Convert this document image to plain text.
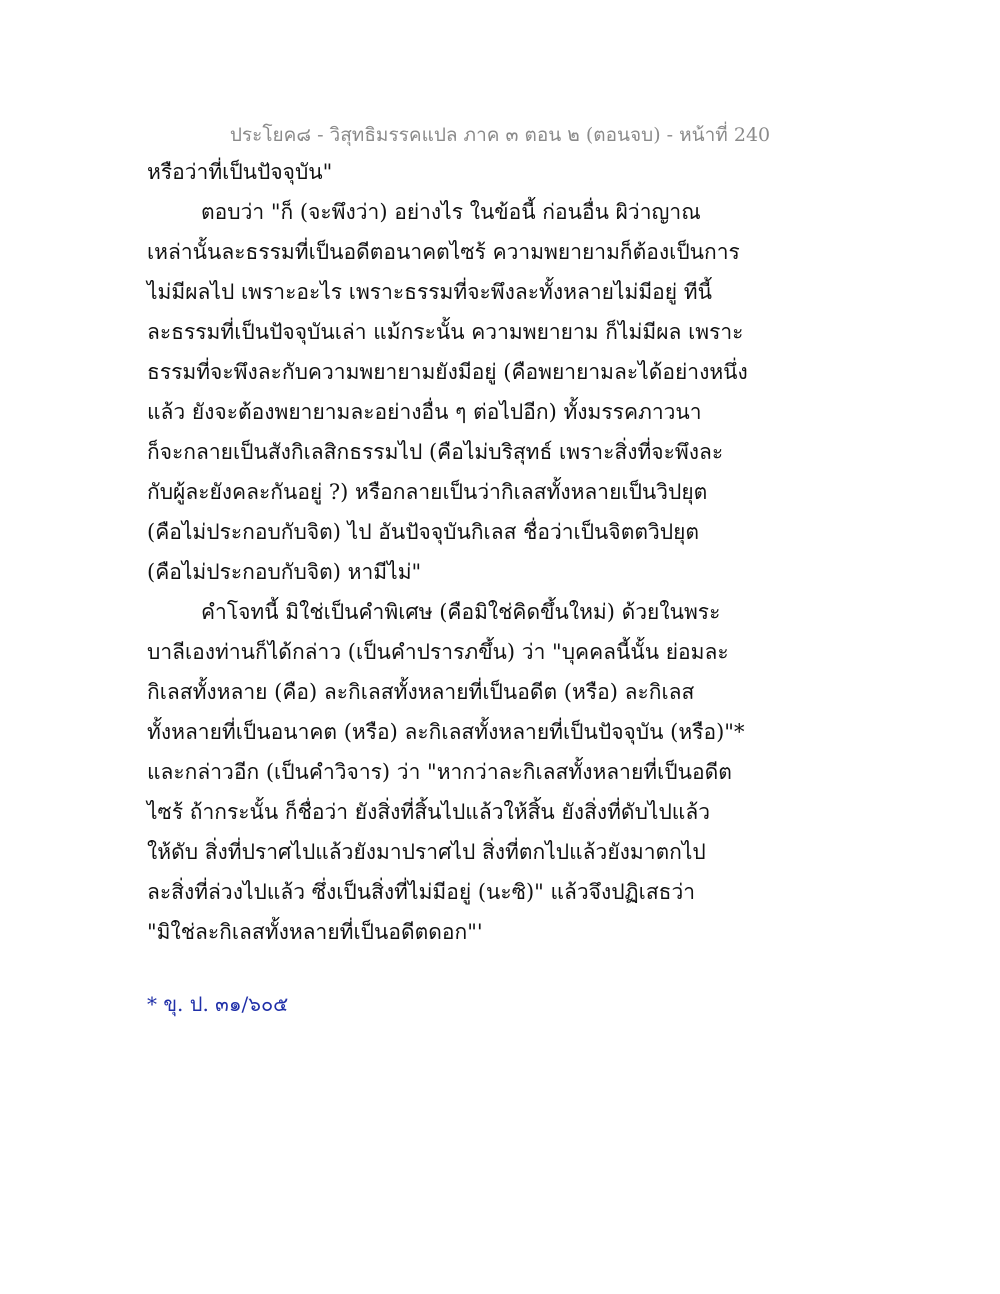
ประโยค๘ - วิสุทธิมรรคแปล ภาค ๓ ตอน ๒ (ตอนจบ) - หน้าที่ 240
หรือว่าที่เป็นปัจจุบัน"
ตอบว่า "ก็ (จะพึงว่า) อย่างไร ในข้อนี้ ก่อนอื่น ผิว่าญาณ
เหล่านั้นละธรรมที่เป็นอดีตอนาคตไซร้ ความพยายามก็ต้องเป็นการ
ไม่มีผลไป เพราะอะไร เพราะธรรมที่จะพึงละทั้งหลายไม่มีอยู่ ทีนี้
ละธรรมที่เป็นปัจจุบันเล่า แม้กระนั้น ความพยายาม ก็ไม่มีผล เพราะ
ธรรมที่จะพึงละกับความพยายามยังมีอยู่ (คือพยายามละได้อย่างหนึ่ง
แล้ว ยังจะต้องพยายามละอย่างอื่น ๆ ต่อไปอีก) ทั้งมรรคภาวนา
ก็จะกลายเป็นสังกิเลสิกธรรมไป (คือไม่บริสุทธ์ เพราะสิ่งที่จะพึงละ
กับผู้ละยังคละกันอยู่ ?) หรือกลายเป็นว่ากิเลสทั้งหลายเป็นวิปยุต
(คือไม่ประกอบกับจิต) ไป อันปัจจุบันกิเลส ชื่อว่าเป็นจิตตวิปยุต
(คือไม่ประกอบกับจิต) หามีไม่"
คำโจทนี้ มิใช่เป็นคำพิเศษ (คือมิใช่คิดขึ้นใหม่) ด้วยในพระ
บาลีเองท่านก็ได้กล่าว (เป็นคำปรารภขึ้น) ว่า "บุคคลนี้นั้น ย่อมละ
กิเลสทั้งหลาย (คือ) ละกิเลสทั้งหลายที่เป็นอดีต (หรือ) ละกิเลส
ทั้งหลายที่เป็นอนาคต (หรือ) ละกิเลสทั้งหลายที่เป็นปัจจุบัน (หรือ)"*
และกล่าวอีก (เป็นคำวิจาร) ว่า "หากว่าละกิเลสทั้งหลายที่เป็นอดีต
ไซร้ ถ้ากระนั้น ก็ชื่อว่า ยังสิ่งที่สิ้นไปแล้วให้สิ้น ยังสิ่งที่ดับไปแล้ว
ให้ดับ สิ่งที่ปราศไปแล้วยังมาปราศไป สิ่งที่ตกไปแล้วยังมาตกไป
ละสิ่งที่ล่วงไปแล้ว ซึ่งเป็นสิ่งที่ไม่มีอยู่ (นะซิ)" แล้วจึงปฏิเสธว่า
"มิใช่ละกิเลสทั้งหลายที่เป็นอดีตดอก"'
* ขุ. ป. ๓๑/๖๐๕
